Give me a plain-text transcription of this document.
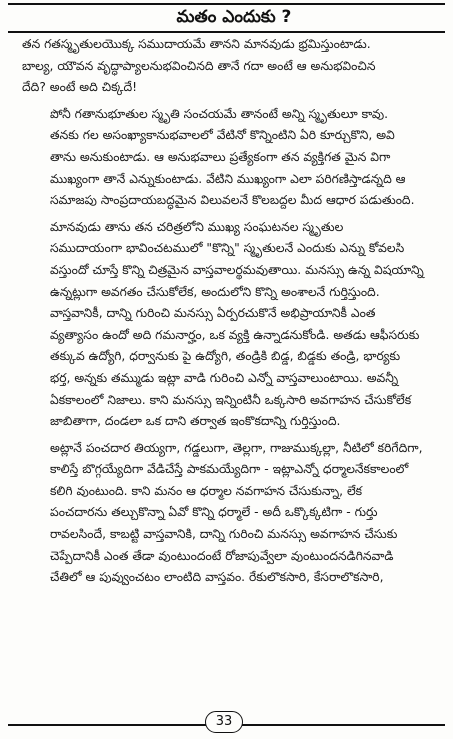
మతం ఎందుకు ?
తన గతస్మృతులయొక్క సముదాయమే తానని మానవుడు భ్రమిస్తుంటాడు.
బాల్య, యౌవన వృద్ధాప్యాలనుభవించినది తానే గదా అంటే ఆ అనుభవించిన
దేది? అంటే అది చిక్కదే!
పోనీ గతానుభూతుల స్మృతి సంచయమే తానంటే అన్ని స్మృతులూ కావు.
తనకు గల అసంఖ్యాకానుభవాలలో వేటినో కొన్నింటిని ఏరి కూర్చుకొని, అవి
తాను అనుకుంటాడు. ఆ అనుభవాలు ప్రత్యేకంగా తన వ్యక్తిగత మైన విగా
ముఖ్యంగా తానే ఎన్నుకుంటాడు. వేటిని ముఖ్యంగా ఎలా పరిగణిస్తాడన్నది ఆ
సమాజపు సాంప్రదాయబద్ధమైన విలువలనే కొలబద్దల మీద ఆధార పడుతుంది.
మానవుడు తాను తన చరిత్రలోని ముఖ్య సంఘటనల స్మృతుల
సముదాయంగా భావించటములో "కొన్ని" స్మృతులనే ఎందుకు ఎన్ను కోవలసి
వస్తుందో చూస్తే కొన్ని చిత్రమైన వాస్తవాలర్థమవుతాయి. మనస్సు ఉన్న విషయాన్ని
ఉన్నట్లుగా అవగతం చేసుకోలేక, అందులోని కొన్ని అంశాలనే గుర్తిస్తుంది.
వాస్తవానికీ, దాన్ని గురించి మనస్సు ఏర్పరచుకొనే అభిప్రాయానికీ ఎంత
వ్యత్యాసం ఉందో అది గమనార్హం, ఒక వ్యక్తి ఉన్నాడనుకోండి. అతడు ఆఫీసరుకు
తక్కువ ఉద్యోగి, ధర్వానుకు పై ఉద్యోగి, తండ్రికి బిడ్డ, బిడ్డకు తండ్రి, భార్యకు
భర్త, అన్నకు తమ్ముడు ఇట్లా వాడి గురించి ఎన్నో వాస్తవాలుంటాయి. అవన్నీ
ఏకకాలంలో నిజాలు. కాని మనస్సు ఇన్నింటినీ ఒక్కసారి అవగాహన చేసుకోలేక
జాబితాగా, దండలా ఒక దాని తర్వాత ఇంకొకదాన్ని గుర్తిస్తుంది.
అట్లానే పంచదార తియ్యగా, గడ్డలుగా, తెల్లగా, గాజుముక్కల్లా, నీటిలో కరిగేదిగా,
కాలిస్తే బొగ్గయ్యేదిగా వేడిచేస్తే పాకమయ్యేదిగా - ఇట్లాఎన్నో ధర్మాలనేకకాలంలో
కలిగి వుంటుంది. కాని మనం ఆ ధర్మాల నవగాహన చేసుకున్నా, లేక
పంచదారను తల్చుకొన్నా ఏవో కొన్ని ధర్మాలే - అదీ ఒక్కొక్కటిగా - గుర్తు
రావలసిందే, కాబట్టి వాస్తవానికి, దాన్ని గురించి మనస్సు అవగాహన చేసుకు
చెప్పేదానికీ ఎంత తేడా వుంటుందంటే రోజాపువ్వేలా వుంటుందనడిగినవాడి
చేతిలో ఆ పువ్వుంచటం లాంటిది వాస్తవం. రేకులొకసారి, కేసరాలొకసారి,
33
